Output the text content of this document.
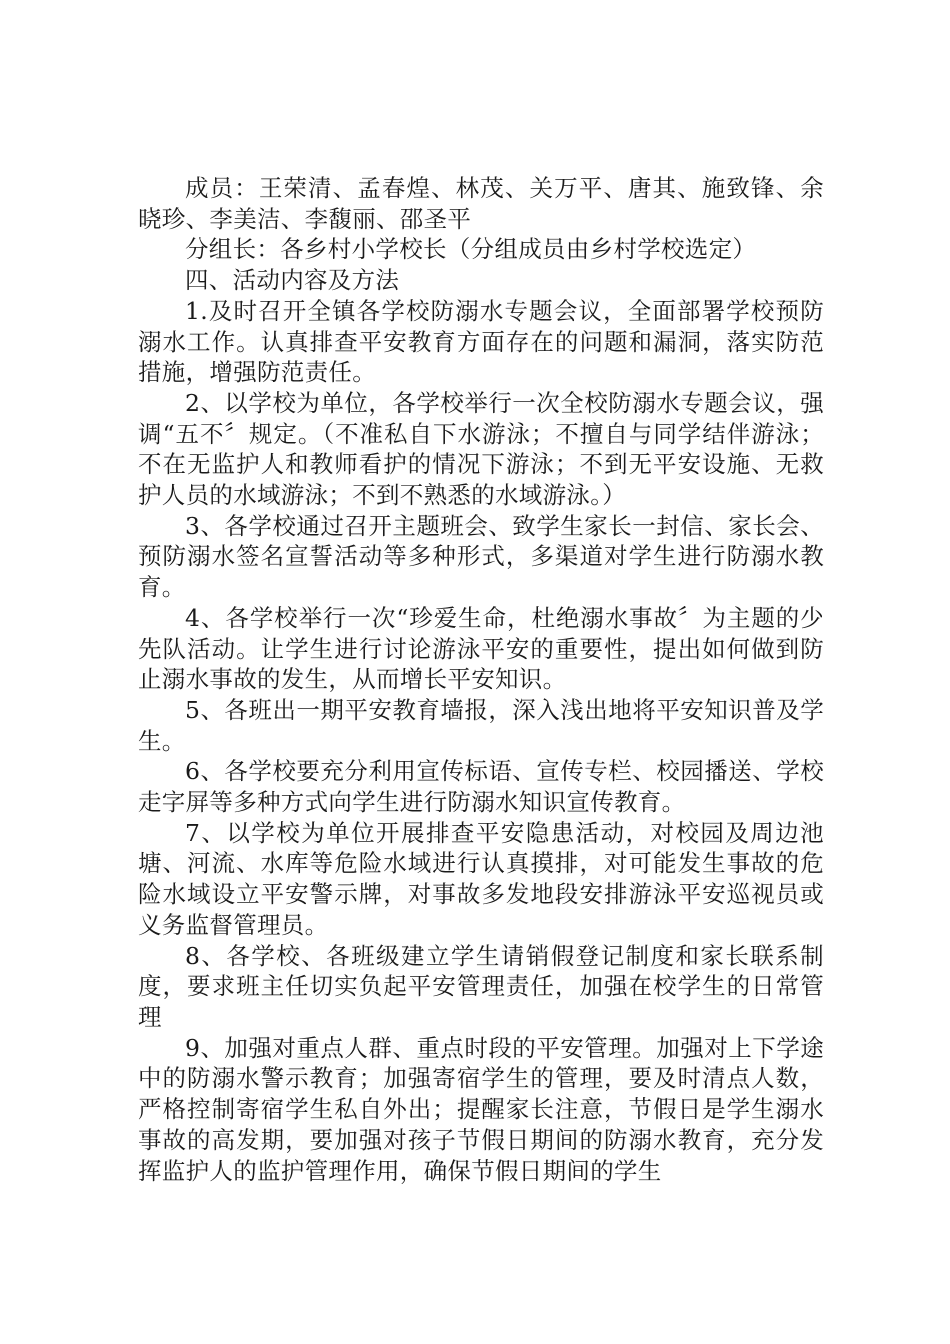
成员：王荣清、孟春煌、林茂、关万平、唐其、施致锋、余晓珍、李美洁、李馥丽、邵圣平

分组长：各乡村小学校长（分组成员由乡村学校选定）

四、活动内容及方法

1.及时召开全镇各学校防溺水专题会议，全面部署学校预防溺水工作。认真排查平安教育方面存在的问题和漏洞，落实防范措施，增强防范责任。

2、以学校为单位，各学校举行一次全校防溺水专题会议，强调“五不〞规定。（不准私自下水游泳；不擅自与同学结伴游泳；不在无监护人和教师看护的情况下游泳；不到无平安设施、无救护人员的水域游泳；不到不熟悉的水域游泳。）

3、各学校通过召开主题班会、致学生家长一封信、家长会、预防溺水签名宣誓活动等多种形式，多渠道对学生进行防溺水教育。

4、各学校举行一次“珍爱生命，杜绝溺水事故〞为主题的少先队活动。让学生进行讨论游泳平安的重要性，提出如何做到防止溺水事故的发生，从而增长平安知识。

5、各班出一期平安教育墙报，深入浅出地将平安知识普及学生。

6、各学校要充分利用宣传标语、宣传专栏、校园播送、学校走字屏等多种方式向学生进行防溺水知识宣传教育。

7、以学校为单位开展排查平安隐患活动，对校园及周边池塘、河流、水库等危险水域进行认真摸排，对可能发生事故的危险水域设立平安警示牌，对事故多发地段安排游泳平安巡视员或义务监督管理员。

8、各学校、各班级建立学生请销假登记制度和家长联系制度，要求班主任切实负起平安管理责任，加强在校学生的日常管理

9、加强对重点人群、重点时段的平安管理。加强对上下学途中的防溺水警示教育；加强寄宿学生的管理，要及时清点人数，严格控制寄宿学生私自外出；提醒家长注意，节假日是学生溺水事故的高发期，要加强对孩子节假日期间的防溺水教育，充分发挥监护人的监护管理作用，确保节假日期间的学生
